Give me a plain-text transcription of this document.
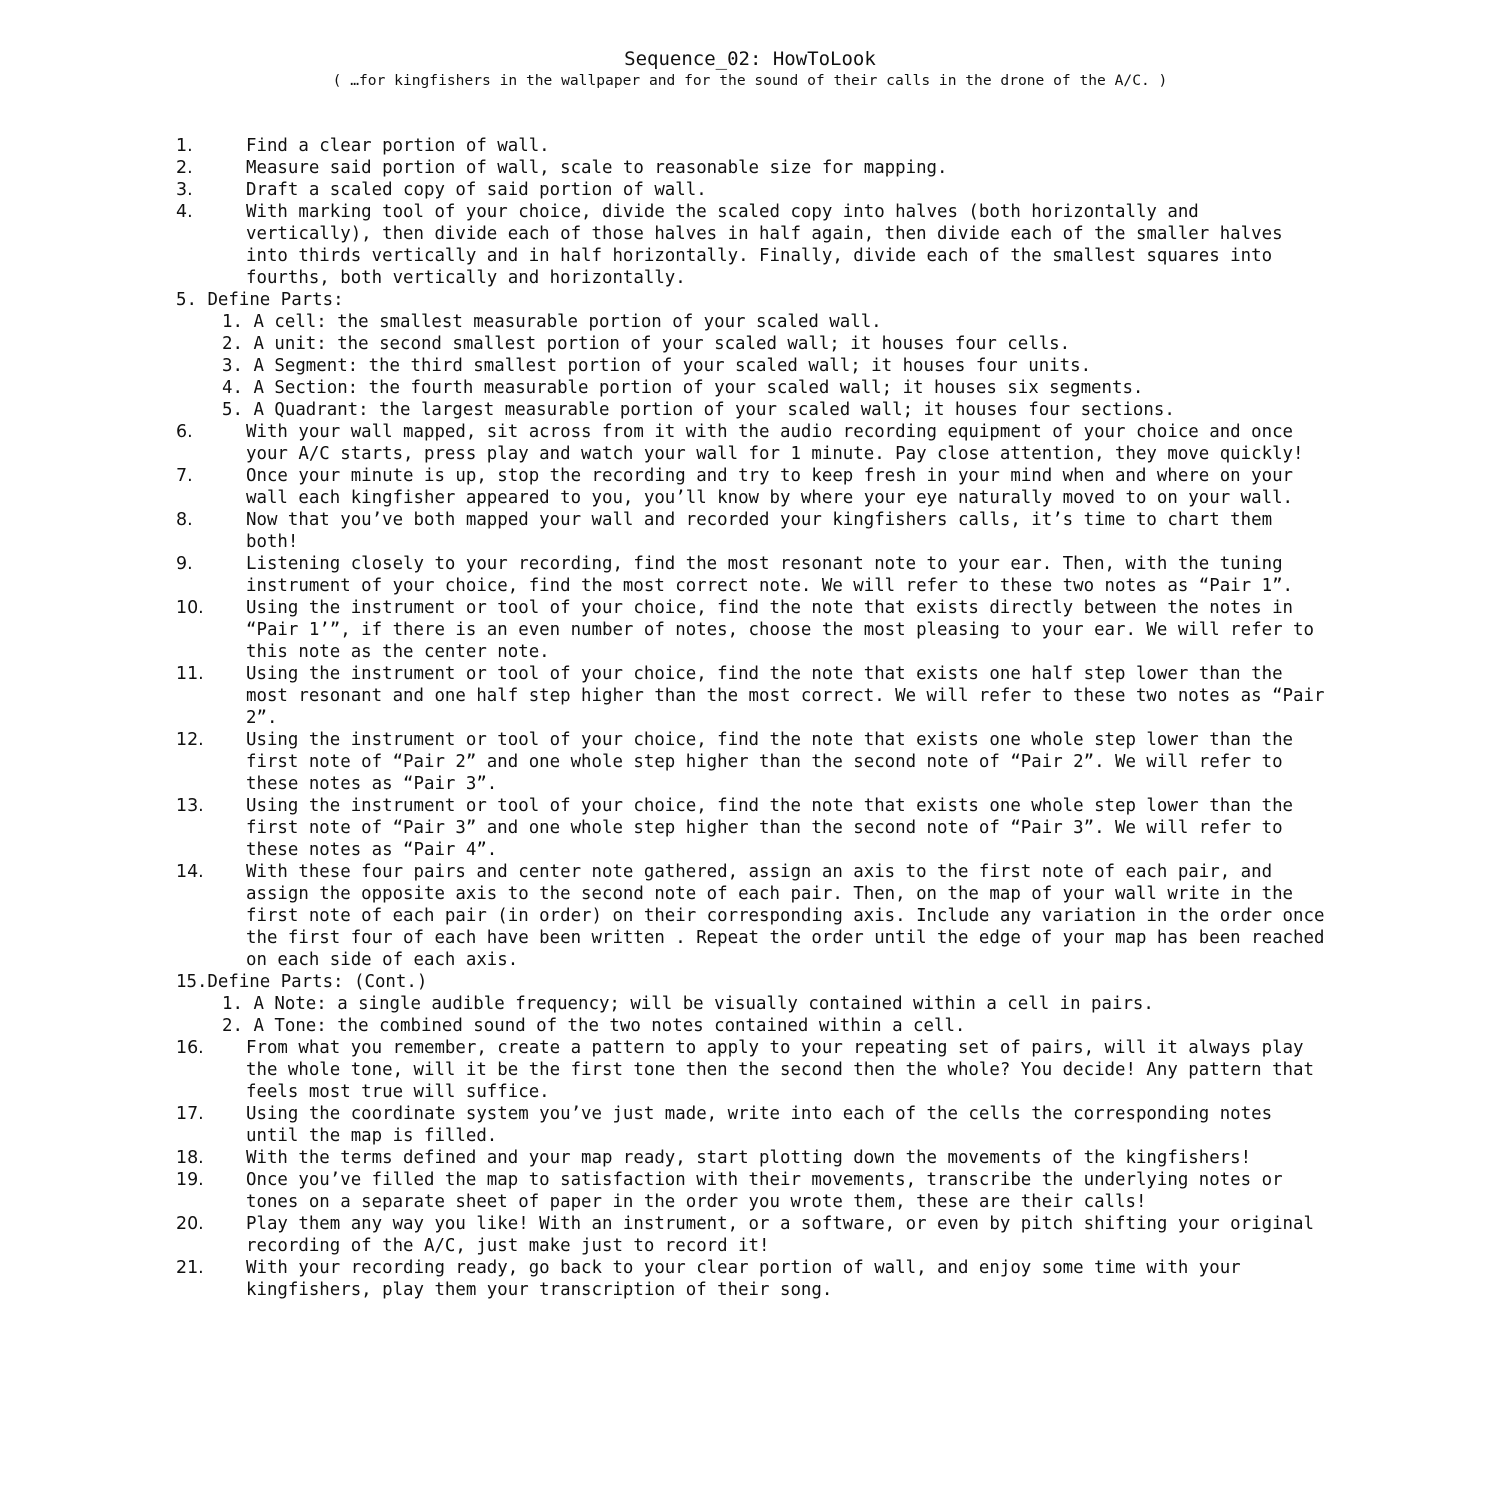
Sequence_02: HowToLook

( …for kingfishers in the wallpaper and for the sound of their calls in the drone of the A/C. )

1.	Find a clear portion of wall.
2.	Measure said portion of wall, scale to reasonable size for mapping.
3.	Draft a scaled copy of said portion of wall.
4.	With marking tool of your choice, divide the scaled copy into halves (both horizontally and vertically), then divide each of those halves in half again, then divide each of the smaller halves into thirds vertically and in half horizontally. Finally, divide each of the smallest squares into fourths, both vertically and horizontally.
5. Define Parts:
1. A cell: the smallest measurable portion of your scaled wall.
2. A unit: the second smallest portion of your scaled wall; it houses four cells.
3. A Segment: the third smallest portion of your scaled wall; it houses four units.
4. A Section: the fourth measurable portion of your scaled wall; it houses six segments.
5. A Quadrant: the largest measurable portion of your scaled wall; it houses four sections.
6.	With your wall mapped, sit across from it with the audio recording equipment of your choice and once your A/C starts, press play and watch your wall for 1 minute. Pay close attention, they move quickly!
7.	Once your minute is up, stop the recording and try to keep fresh in your mind when and where on your wall each kingfisher appeared to you, you’ll know by where your eye naturally moved to on your wall.
8.	Now that you’ve both mapped your wall and recorded your kingfishers calls, it’s time to chart them both!
9.	Listening closely to your recording, find the most resonant note to your ear. Then, with the tuning instrument of your choice, find the most correct note. We will refer to these two notes as “Pair 1”.
10. Using the instrument or tool of your choice, find the note that exists directly between the notes in “Pair 1’”, if there is an even number of notes, choose the most pleasing to your ear. We will refer to this note as the center note.
11. Using the instrument or tool of your choice, find the note that exists one half step lower than the most resonant and one half step higher than the most correct. We will refer to these two notes as “Pair 2”.
12. Using the instrument or tool of your choice, find the note that exists one whole step lower than the first note of “Pair 2” and one whole step higher than the second note of “Pair 2”. We will refer to these notes as “Pair 3”.
13. Using the instrument or tool of your choice, find the note that exists one whole step lower than the first note of “Pair 3” and one whole step higher than the second note of “Pair 3”. We will refer to these notes as “Pair 4”.
14. With these four pairs and center note gathered, assign an axis to the first note of each pair, and assign the opposite axis to the second note of each pair. Then, on the map of your wall write in the first note of each pair (in order) on their corresponding axis. Include any variation in the order once the first four of each have been written . Repeat the order until the edge of your map has been reached on each side of each axis.
15.Define Parts: (Cont.)
1. A Note: a single audible frequency; will be visually contained within a cell in pairs.
2. A Tone: the combined sound of the two notes contained within a cell.
16. From what you remember, create a pattern to apply to your repeating set of pairs, will it always play the whole tone, will it be the first tone then the second then the whole? You decide! Any pattern that feels most true will suffice.
17. Using the coordinate system you’ve just made, write into each of the cells the corresponding notes until the map is filled.
18. With the terms defined and your map ready, start plotting down the movements of the kingfishers!
19. Once you’ve filled the map to satisfaction with their movements, transcribe the underlying notes or tones on a separate sheet of paper in the order you wrote them, these are their calls!
20. Play them any way you like! With an instrument, or a software, or even by pitch shifting your original recording of the A/C, just make just to record it!
21. With your recording ready, go back to your clear portion of wall, and enjoy some time with your kingfishers, play them your transcription of their song.
